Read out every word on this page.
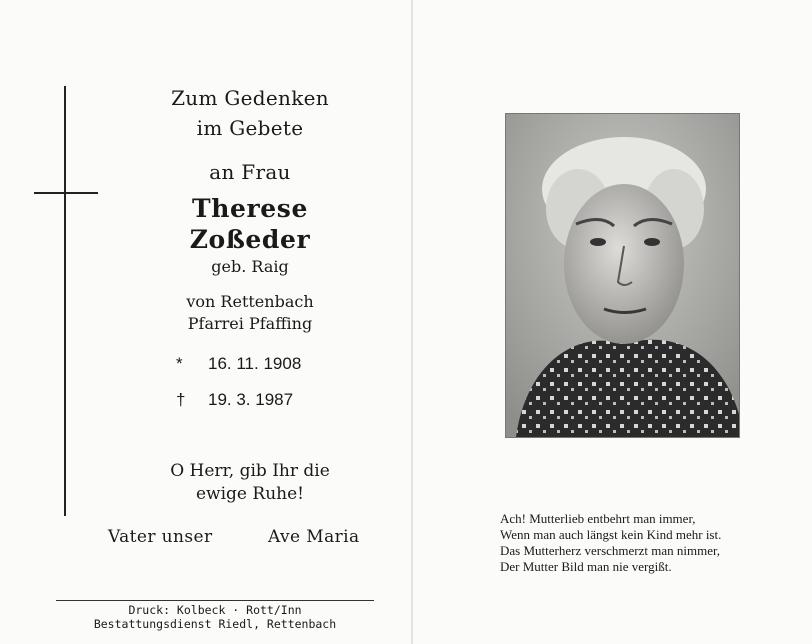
Zum Gedenken
im Gebete
an Frau
Therese
Zoßeder
geb. Raig
von Rettenbach
Pfarrei Pfaffing
* 16. 11. 1908
† 19. 3. 1987
O Herr, gib Ihr die
ewige Ruhe!
Vater unser	Ave Maria
Druck: Kolbeck · Rott/Inn
Bestattungsdienst Riedl, Rettenbach
Ach! Mutterlieb entbehrt man immer,
Wenn man auch längst kein Kind mehr ist.
Das Mutterherz verschmerzt man nimmer,
Der Mutter Bild man nie vergißt.
